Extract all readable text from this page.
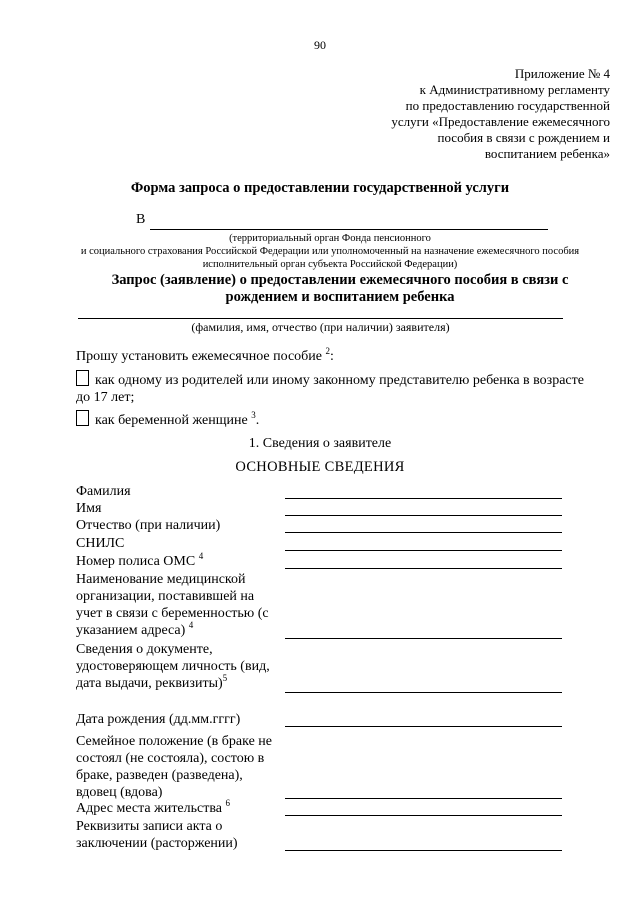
90
Приложение № 4
к Административному регламенту
по предоставлению государственной
услуги «Предоставление ежемесячного
пособия в связи с рождением и
воспитанием ребенка»
Форма запроса о предоставлении государственной услуги
В
(территориальный орган Фонда пенсионного
и социального страхования Российской Федерации или уполномоченный на назначение ежемесячного пособия
исполнительный орган субъекта Российской Федерации)
Запрос (заявление) о предоставлении ежемесячного пособия в связи с
рождением и воспитанием ребенка
(фамилия, имя, отчество (при наличии) заявителя)
Прошу установить ежемесячное пособие $^2$:
как одному из родителей или иному законному представителю ребенка в возрасте до 17 лет;
как беременной женщине $^3$.
1. Сведения о заявителе
ОСНОВНЫЕ СВЕДЕНИЯ
Фамилия
Имя
Отчество (при наличии)
СНИЛС
Номер полиса ОМС $^4$
Наименование медицинской организации, поставившей на учет в связи с беременностью (с указанием адреса) $^4$
Сведения о документе, удостоверяющем личность (вид, дата выдачи, реквизиты)$^5$
Дата рождения (дд.мм.гггг)
Семейное положение (в браке не состоял (не состояла), состою в браке, разведен (разведена), вдовец (вдова)
Адрес места жительства $^6$
Реквизиты записи акта о заключении (расторжении)
